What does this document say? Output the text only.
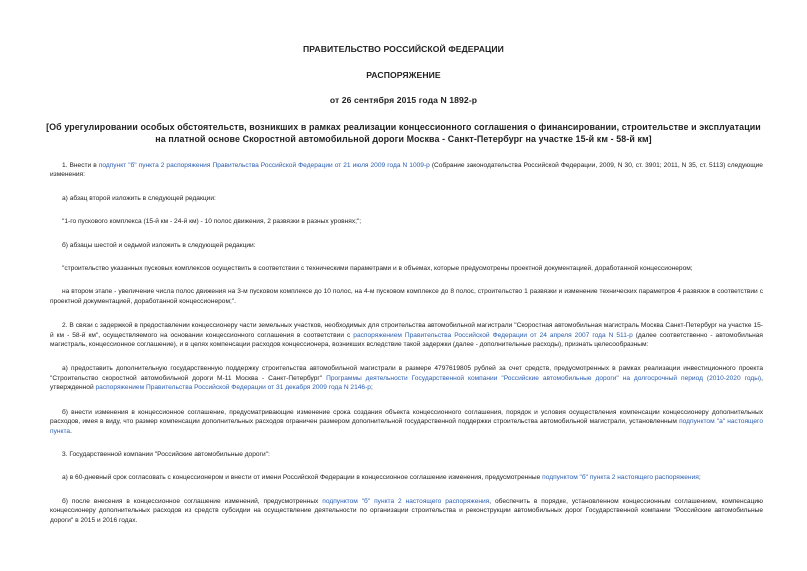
ПРАВИТЕЛЬСТВО РОССИЙСКОЙ ФЕДЕРАЦИИ
РАСПОРЯЖЕНИЕ
от 26 сентября 2015 года N 1892-р
[Об урегулировании особых обстоятельств, возникших в рамках реализации концессионного соглашения о финансировании, строительстве и эксплуатации на платной основе Скоростной автомобильной дороги Москва - Санкт-Петербург на участке 15-й км - 58-й км]

1. Внести в подпункт "б" пункта 2 распоряжения Правительства Российской Федерации от 21 июля 2009 года N 1009-р (Собрание законодательства Российской Федерации, 2009, N 30, ст. 3901; 2011, N 35, ст. 5113) следующие изменения:

а) абзац второй изложить в следующей редакции:

"1-го пускового комплекса (15-й км - 24-й км) - 10 полос движения, 2 развязки в разных уровнях;";

б) абзацы шестой и седьмой изложить в следующей редакции:

"строительство указанных пусковых комплексов осуществить в соответствии с техническими параметрами и в объемах, которые предусмотрены проектной документацией, доработанной концессионером;

на втором этапе - увеличение числа полос движения на 3-м пусковом комплексе до 10 полос, на 4-м пусковом комплексе до 8 полос, строительство 1 развязки и изменение технических параметров 4 развязок в соответствии с проектной документацией, доработанной концессионером;".

2. В связи с задержкой в предоставлении концессионеру части земельных участков, необходимых для строительства автомобильной магистрали "Скоростная автомобильная магистраль Москва Санкт-Петербург на участке 15-й км - 58-й км", осуществляемого на основании концессионного соглашения в соответствии с распоряжением Правительства Российской Федерации от 24 апреля 2007 года N 511-р (далее соответственно - автомобильная магистраль, концессионное соглашение), и в целях компенсации расходов концессионера, возникших вследствие такой задержки (далее - дополнительные расходы), признать целесообразным:

а) предоставить дополнительную государственную поддержку строительства автомобильной магистрали в размере 4797619805 рублей за счет средств, предусмотренных в рамках реализации инвестиционного проекта "Строительство скоростной автомобильной дороги М-11 Москва - Санкт-Петербург" Программы деятельности Государственной компании "Российские автомобильные дороги" на долгосрочный период (2010-2020 годы), утвержденной распоряжением Правительства Российской Федерации от 31 декабря 2009 года N 2146-р;

б) внести изменения в концессионное соглашение, предусматривающие изменение срока создания объекта концессионного соглашения, порядок и условия осуществления компенсации концессионеру дополнительных расходов, имея в виду, что размер компенсации дополнительных расходов ограничен размером дополнительной государственной поддержки строительства автомобильной магистрали, установленным подпунктом "а" настоящего пункта.

3. Государственной компании "Российские автомобильные дороги":

а) в 60-дневный срок согласовать с концессионером и внести от имени Российской Федерации в концессионное соглашение изменения, предусмотренные подпунктом "б" пункта 2 настоящего распоряжения;

б) после внесения в концессионное соглашение изменений, предусмотренных подпунктом "б" пункта 2 настоящего распоряжения, обеспечить в порядке, установленном концессионным соглашением, компенсацию концессионеру дополнительных расходов из средств субсидии на осуществление деятельности по организации строительства и реконструкции автомобильных дорог Государственной компании "Российские автомобильные дороги" в 2015 и 2016 годах.
